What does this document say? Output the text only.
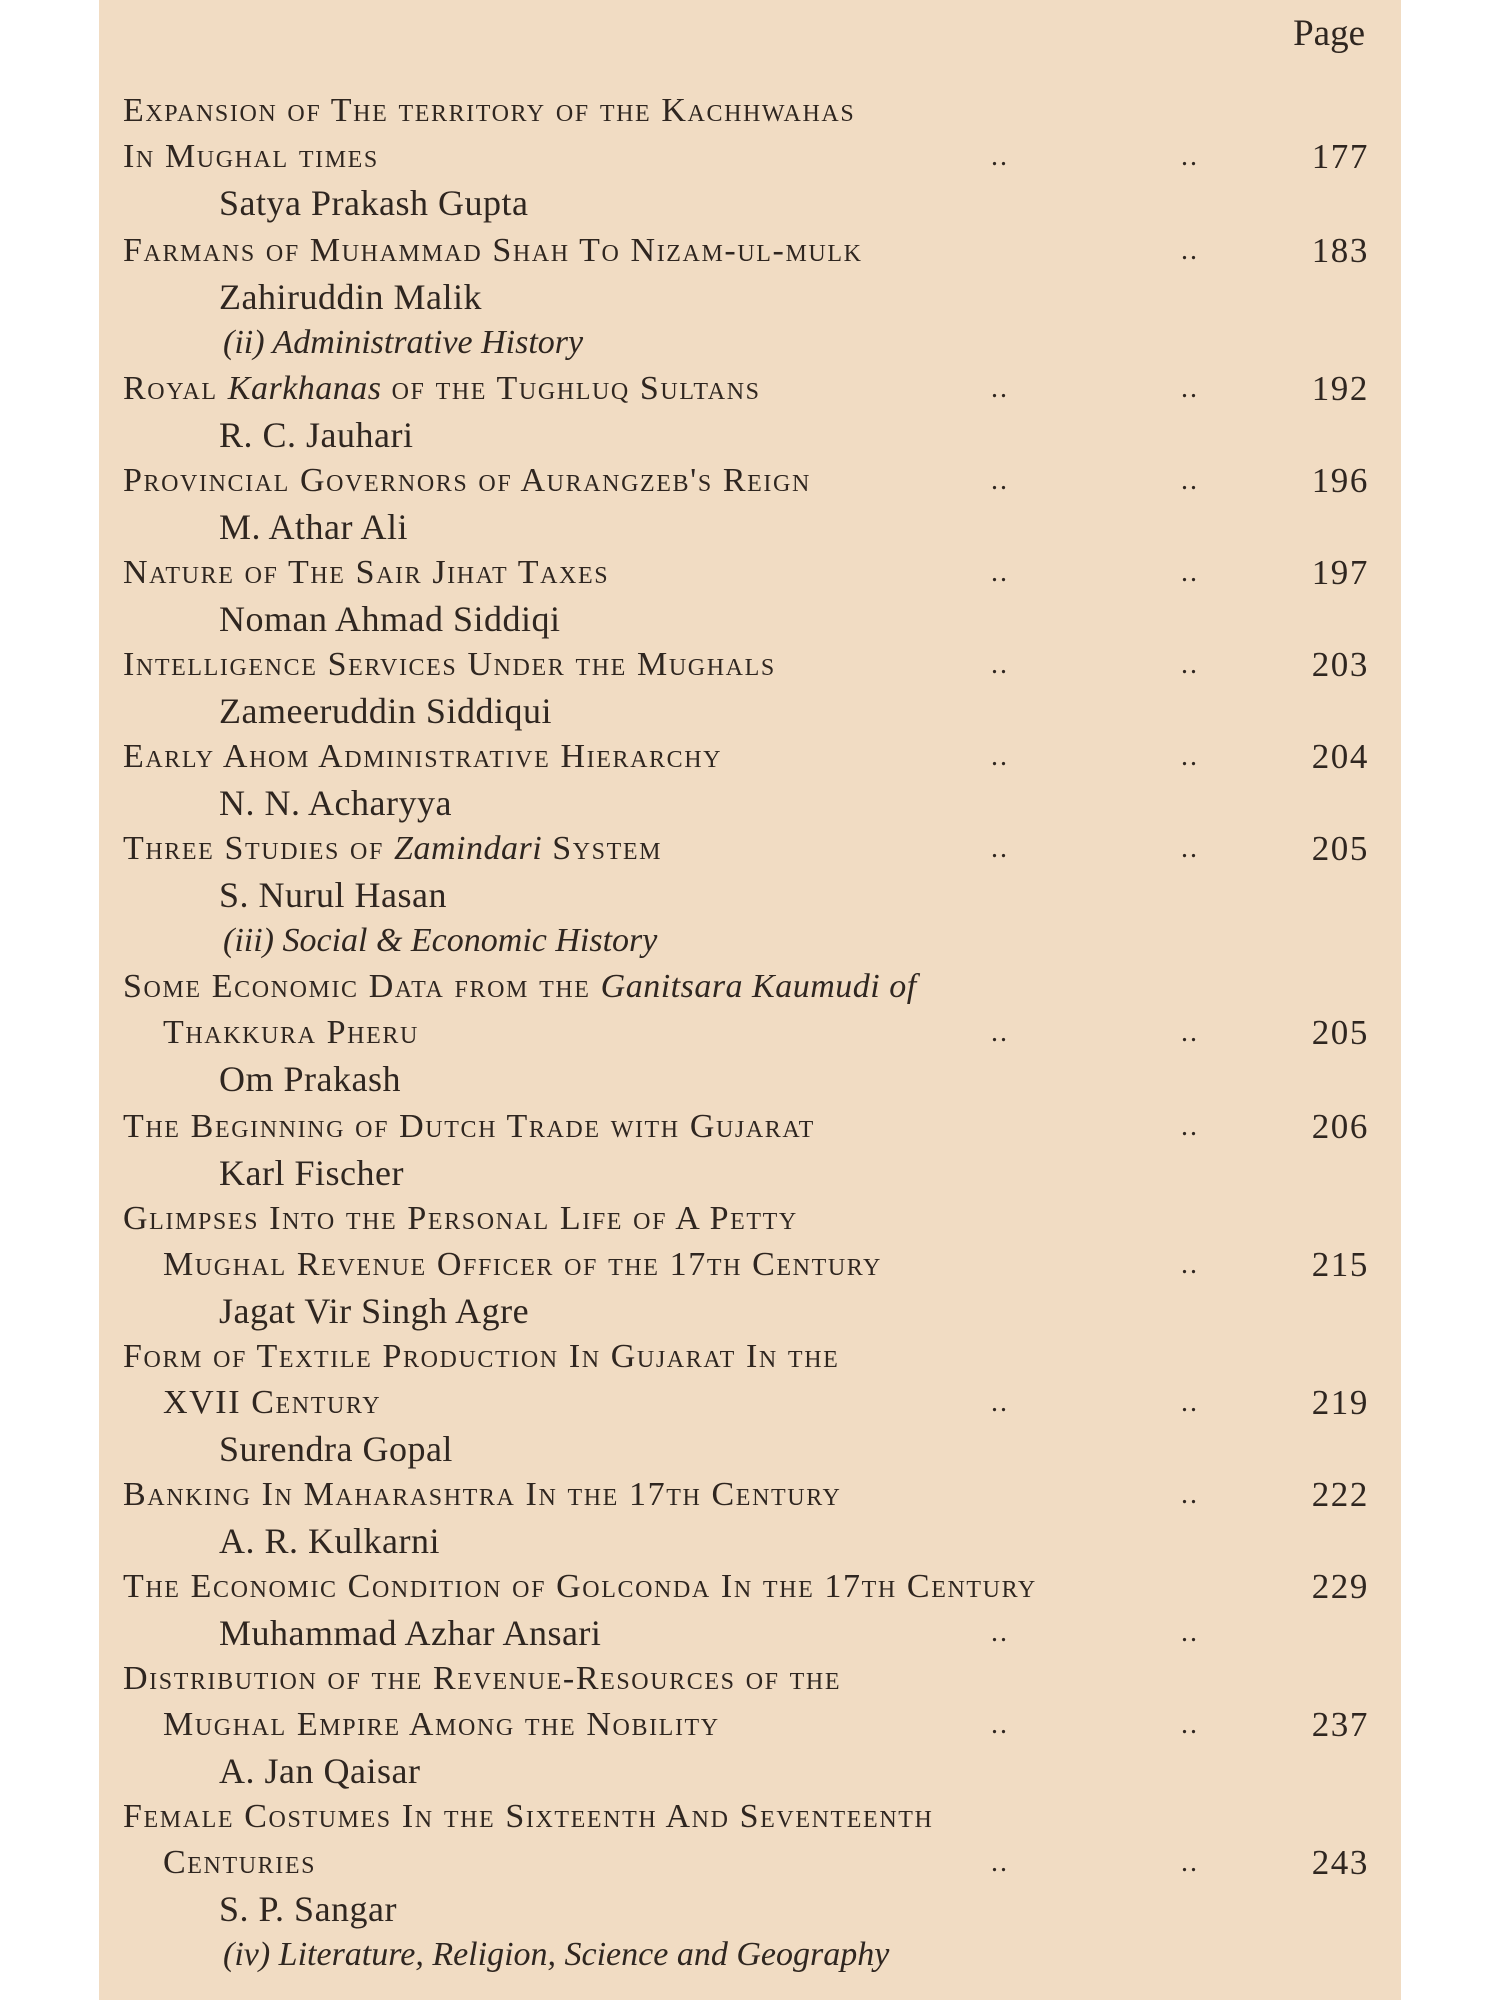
Page
Expansion of The territory of the Kachhwahas
In Mughal times	..	..	177
Satya Prakash Gupta
Farmans of Muhammad Shah To Nizam-ul-mulk	..	183
Zahiruddin Malik
(ii) Administrative History
Royal Karkhanas of the Tughluq Sultans	..	..	192
R. C. Jauhari
Provincial Governors of Aurangzeb's Reign	..	..	196
M. Athar Ali
Nature of The Sair Jihat Taxes	..	..	197
Noman Ahmad Siddiqi
Intelligence Services Under the Mughals	..	..	203
Zameeruddin Siddiqui
Early Ahom Administrative Hierarchy	..	..	204
N. N. Acharyya
Three Studies of Zamindari System	..	..	205
S. Nurul Hasan
(iii) Social & Economic History
Some Economic Data from the Ganitsara Kaumudi of
Thakkura Pheru	..	..	205
Om Prakash
The Beginning of Dutch Trade with Gujarat	..	206
Karl Fischer
Glimpses Into the Personal Life of A Petty
Mughal Revenue Officer of the 17th Century	..	215
Jagat Vir Singh Agre
Form of Textile Production In Gujarat In the
XVII Century	..	..	219
Surendra Gopal
Banking In Maharashtra In the 17th Century	..	222
A. R. Kulkarni
The Economic Condition of Golconda In the 17th Century	229
Muhammad Azhar Ansari	..	..
Distribution of the Revenue-Resources of the
Mughal Empire Among the Nobility	..	..	237
A. Jan Qaisar
Female Costumes In the Sixteenth And Seventeenth
Centuries	..	..	243
S. P. Sangar
(iv) Literature, Religion, Science and Geography
